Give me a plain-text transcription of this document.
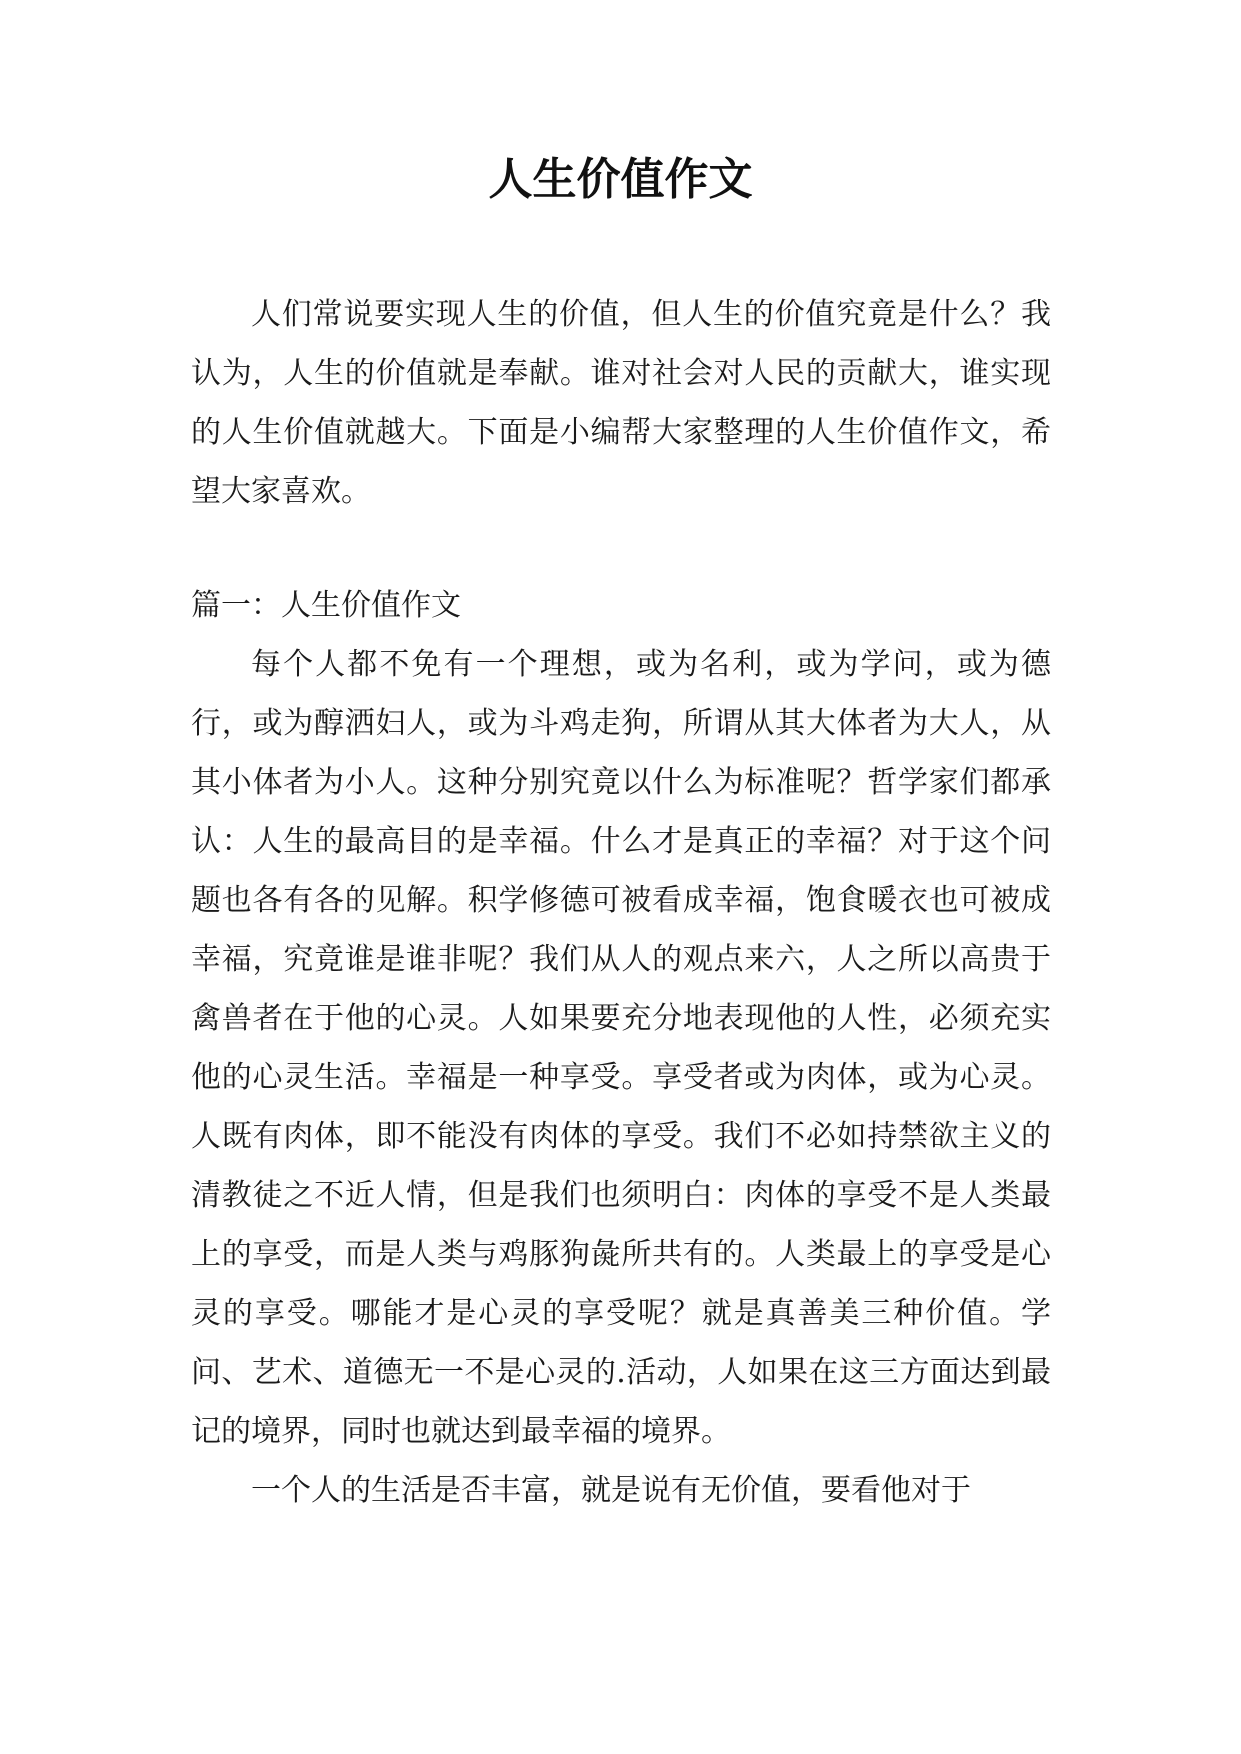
人生价值作文

人们常说要实现人生的价值，但人生的价值究竟是什么？我认为，人生的价值就是奉献。谁对社会对人民的贡献大，谁实现的人生价值就越大。下面是小编帮大家整理的人生价值作文，希望大家喜欢。

篇一：人生价值作文

每个人都不免有一个理想，或为名利，或为学问，或为德行，或为醇洒妇人，或为斗鸡走狗，所谓从其大体者为大人，从其小体者为小人。这种分别究竟以什么为标准呢？哲学家们都承认：人生的最高目的是幸福。什么才是真正的幸福？对于这个问题也各有各的见解。积学修德可被看成幸福，饱食暖衣也可被成幸福，究竟谁是谁非呢？我们从人的观点来六，人之所以高贵于禽兽者在于他的心灵。人如果要充分地表现他的人性，必须充实他的心灵生活。幸福是一种享受。享受者或为肉体，或为心灵。人既有肉体，即不能没有肉体的享受。我们不必如持禁欲主义的清教徒之不近人情，但是我们也须明白：肉体的享受不是人类最上的享受，而是人类与鸡豚狗彘所共有的。人类最上的享受是心灵的享受。哪能才是心灵的享受呢？就是真善美三种价值。学问、艺术、道德无一不是心灵的.活动，人如果在这三方面达到最记的境界，同时也就达到最幸福的境界。

一个人的生活是否丰富，就是说有无价值，要看他对于
